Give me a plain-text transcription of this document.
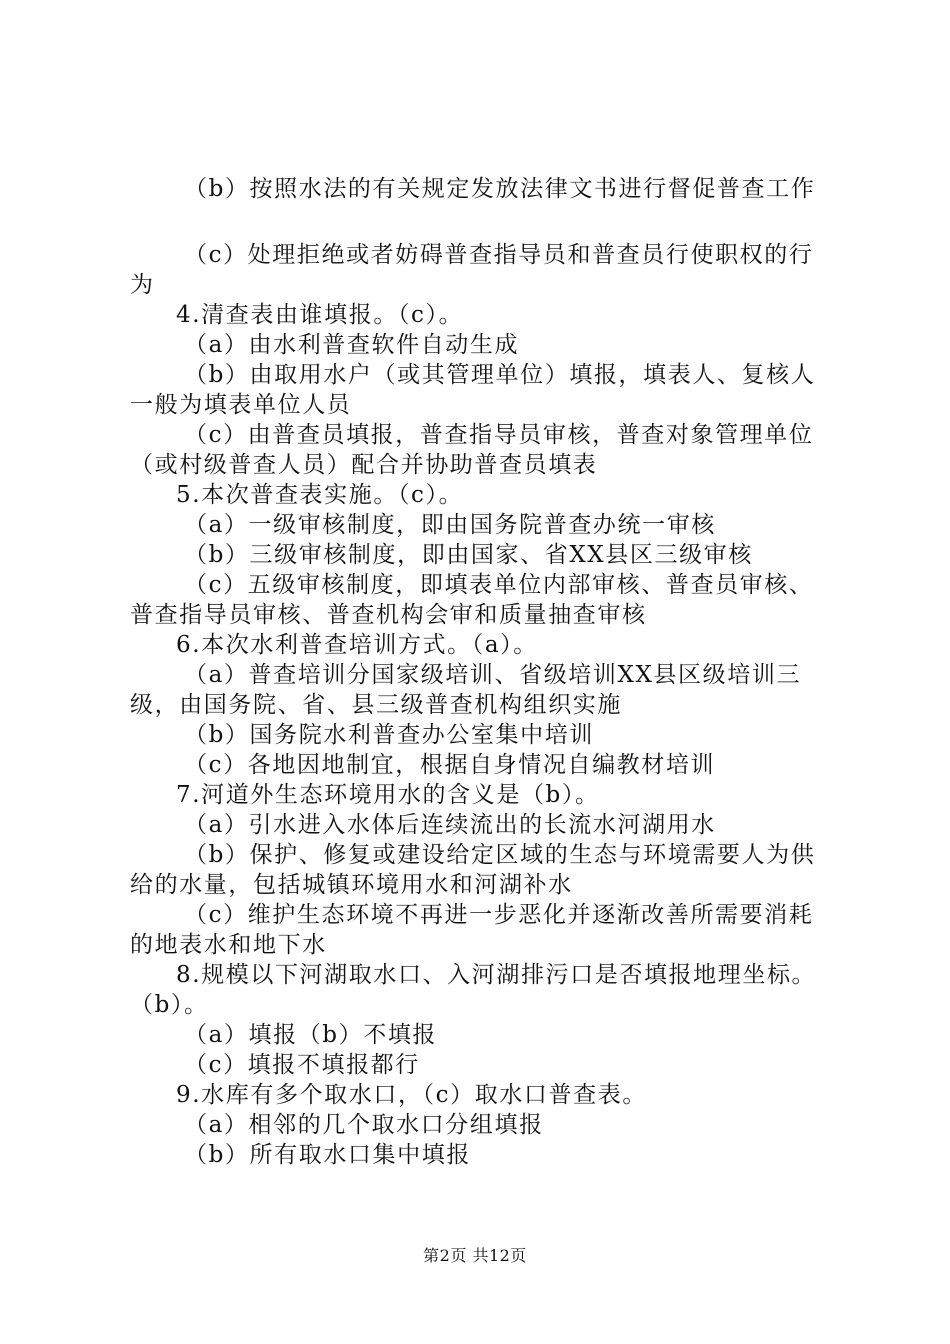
（b）按照水法的有关规定发放法律文书进行督促普查工作
（c）处理拒绝或者妨碍普查指导员和普查员行使职权的行
为
4.清查表由谁填报。（c）。
（a）由水利普查软件自动生成
（b）由取用水户（或其管理单位）填报，填表人、复核人
一般为填表单位人员
（c）由普查员填报，普查指导员审核，普查对象管理单位
（或村级普查人员）配合并协助普查员填表
5.本次普查表实施。（c）。
（a）一级审核制度，即由国务院普查办统一审核
（b）三级审核制度，即由国家、省XX县区三级审核
（c）五级审核制度，即填表单位内部审核、普查员审核、
普查指导员审核、普查机构会审和质量抽查审核
6.本次水利普查培训方式。（a）。
（a）普查培训分国家级培训、省级培训XX县区级培训三
级，由国务院、省、县三级普查机构组织实施
（b）国务院水利普查办公室集中培训
（c）各地因地制宜，根据自身情况自编教材培训
7.河道外生态环境用水的含义是（b）。
（a）引水进入水体后连续流出的长流水河湖用水
（b）保护、修复或建设给定区域的生态与环境需要人为供
给的水量，包括城镇环境用水和河湖补水
（c）维护生态环境不再进一步恶化并逐渐改善所需要消耗
的地表水和地下水
8.规模以下河湖取水口、入河湖排污口是否填报地理坐标。
（b）。
（a）填报（b）不填报
（c）填报不填报都行
9.水库有多个取水口，（c）取水口普查表。
（a）相邻的几个取水口分组填报
（b）所有取水口集中填报
第2页 共12页
